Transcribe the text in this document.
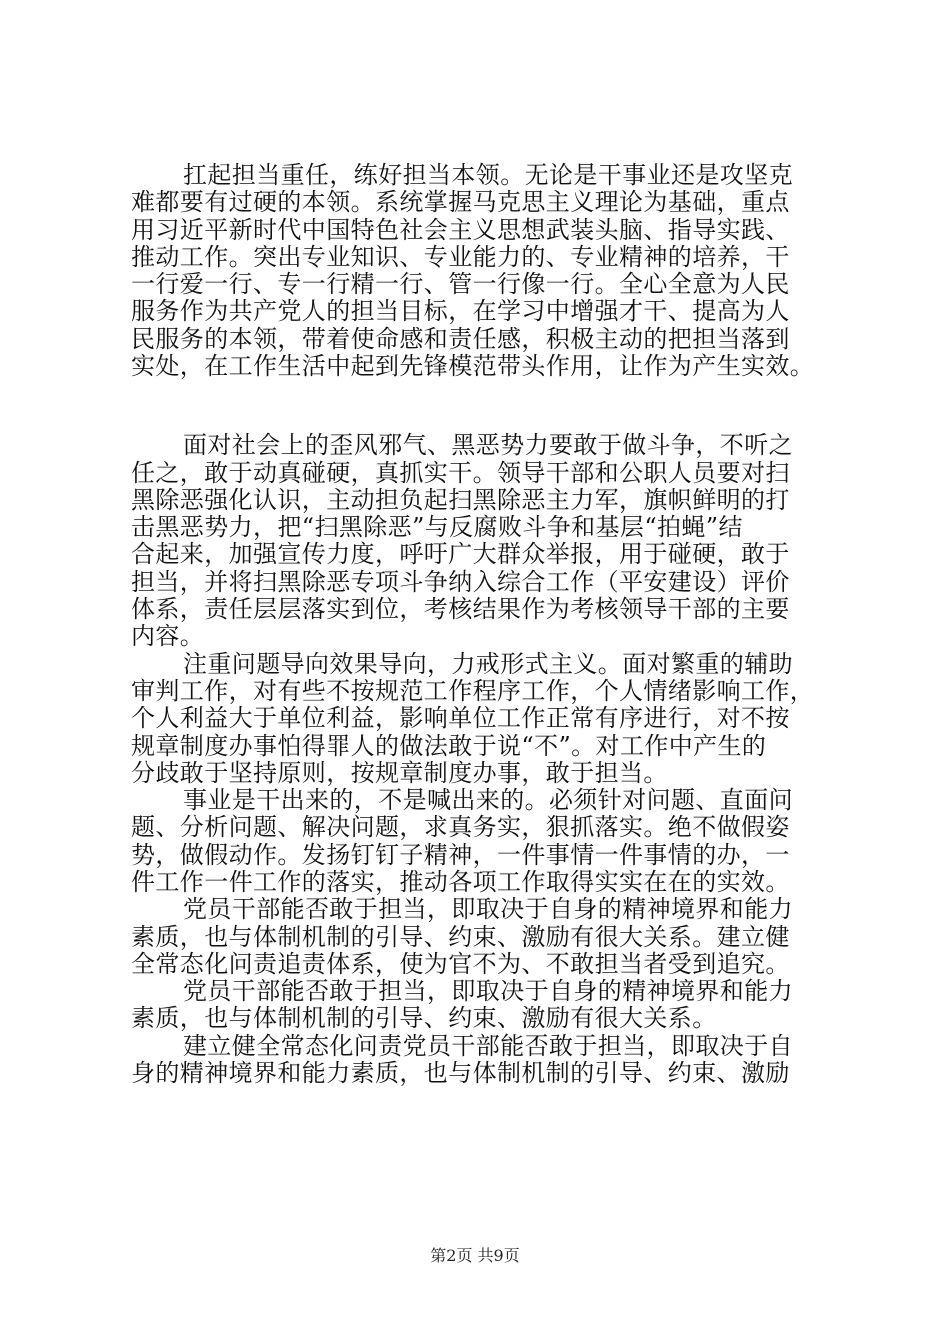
扛起担当重任，练好担当本领。无论是干事业还是攻坚克
难都要有过硬的本领。系统掌握马克思主义理论为基础，重点
用习近平新时代中国特色社会主义思想武装头脑、指导实践、
推动工作。突出专业知识、专业能力的、专业精神的培养，干
一行爱一行、专一行精一行、管一行像一行。全心全意为人民
服务作为共产党人的担当目标，在学习中增强才干、提高为人
民服务的本领，带着使命感和责任感，积极主动的把担当落到
实处，在工作生活中起到先锋模范带头作用，让作为产生实效。
面对社会上的歪风邪气、黑恶势力要敢于做斗争，不听之
任之，敢于动真碰硬，真抓实干。领导干部和公职人员要对扫
黑除恶强化认识，主动担负起扫黑除恶主力军，旗帜鲜明的打
击黑恶势力，把“扫黑除恶”与反腐败斗争和基层“拍蝇”结
合起来，加强宣传力度，呼吁广大群众举报，用于碰硬，敢于
担当，并将扫黑除恶专项斗争纳入综合工作（平安建设）评价
体系，责任层层落实到位，考核结果作为考核领导干部的主要
内容。
注重问题导向效果导向，力戒形式主义。面对繁重的辅助
审判工作，对有些不按规范工作程序工作，个人情绪影响工作，
个人利益大于单位利益，影响单位工作正常有序进行，对不按
规章制度办事怕得罪人的做法敢于说“不”。对工作中产生的
分歧敢于坚持原则，按规章制度办事，敢于担当。
事业是干出来的，不是喊出来的。必须针对问题、直面问
题、分析问题、解决问题，求真务实，狠抓落实。绝不做假姿
势，做假动作。发扬钉钉子精神，一件事情一件事情的办，一
件工作一件工作的落实，推动各项工作取得实实在在的实效。
党员干部能否敢于担当，即取决于自身的精神境界和能力
素质，也与体制机制的引导、约束、激励有很大关系。建立健
全常态化问责追责体系，使为官不为、不敢担当者受到追究。
党员干部能否敢于担当，即取决于自身的精神境界和能力
素质，也与体制机制的引导、约束、激励有很大关系。
建立健全常态化问责党员干部能否敢于担当，即取决于自
身的精神境界和能力素质，也与体制机制的引导、约束、激励
第2页 共9页
